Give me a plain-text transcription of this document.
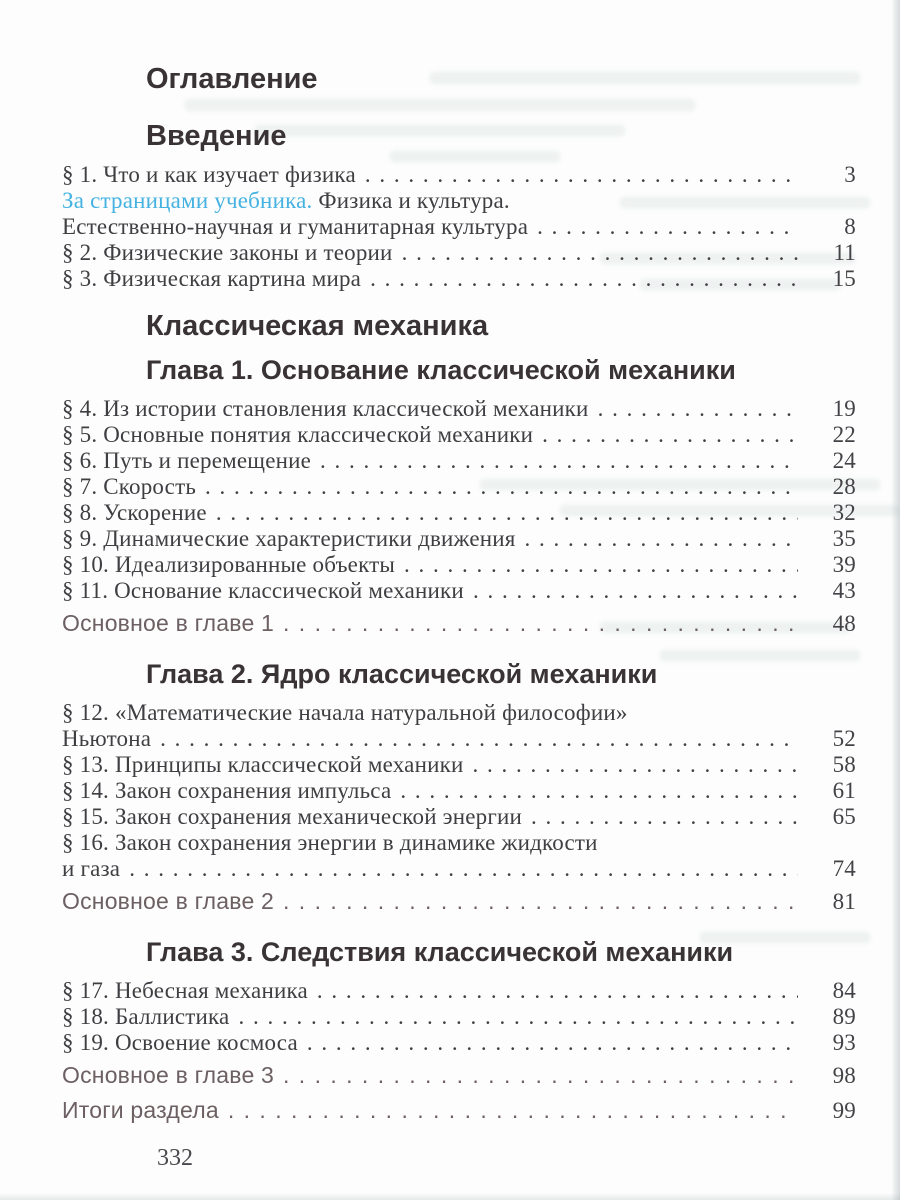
Оглавление
Введение
§ 1. Что и как изучает физика . . .	3
За страницами учебника. Физика и культура.
Естественно-научная и гуманитарная культура . . .	8
§ 2. Физические законы и теории . . .	11
§ 3. Физическая картина мира . . .	15
Классическая механика
Глава 1. Основание классической механики
§ 4. Из истории становления классической механики . . .	19
§ 5. Основные понятия классической механики . . .	22
§ 6. Путь и перемещение . . .	24
§ 7. Скорость . . .	28
§ 8. Ускорение . . .	32
§ 9. Динамические характеристики движения . . .	35
§ 10. Идеализированные объекты . . .	39
§ 11. Основание классической механики . . .	43
Основное в главе 1 . . .	48
Глава 2. Ядро классической механики
§ 12. «Математические начала натуральной философии»
Ньютона . . .	52
§ 13. Принципы классической механики . . .	58
§ 14. Закон сохранения импульса . . .	61
§ 15. Закон сохранения механической энергии . . .	65
§ 16. Закон сохранения энергии в динамике жидкости
и газа . . .	74
Основное в главе 2 . . .	81
Глава 3. Следствия классической механики
§ 17. Небесная механика . . .	84
§ 18. Баллистика . . .	89
§ 19. Освоение космоса . . .	93
Основное в главе 3 . . .	98
Итоги раздела . . .	99
332
